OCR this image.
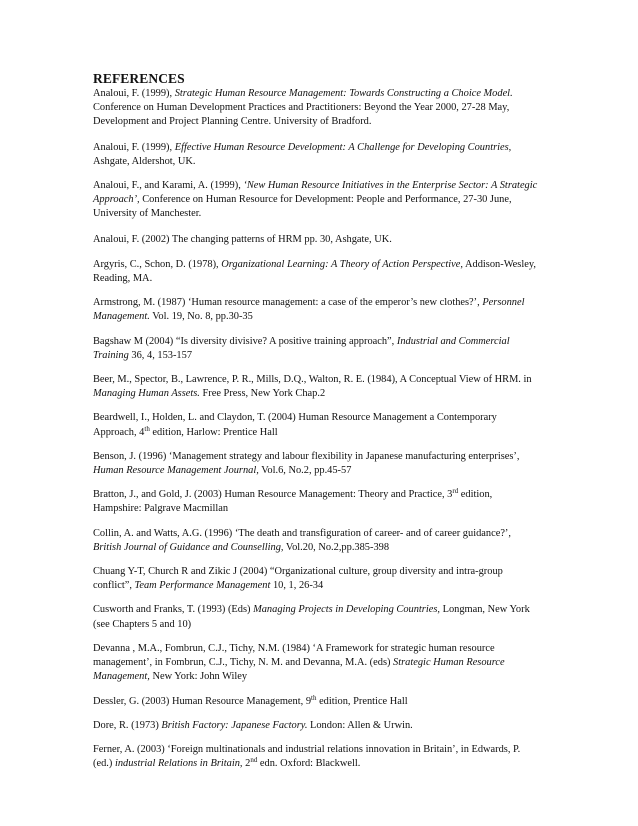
REFERENCES

Analoui, F. (1999), Strategic Human Resource Management: Towards Constructing a Choice Model.

Conference on Human Development Practices and Practitioners: Beyond the Year 2000, 27-28 May,

Development and Project Planning Centre. University of Bradford.

Analoui, F. (1999), Effective Human Resource Development: A Challenge for Developing Countries,

Ashgate, Aldershot, UK.

Analoui, F., and Karami, A. (1999), ‘New Human Resource Initiatives in the Enterprise Sector: A Strategic

Approach’, Conference on Human Resource for Development: People and Performance, 27-30 June,

University of Manchester.

Analoui, F. (2002) The changing patterns of HRM pp. 30, Ashgate, UK.

Argyris, C., Schon, D. (1978), Organizational Learning: A Theory of Action Perspective, Addison-Wesley,

Reading, MA.

Armstrong, M. (1987) ‘Human resource management: a case of the emperor’s new clothes?’, Personnel

Management. Vol. 19, No. 8, pp.30-35

Bagshaw M (2004) “Is diversity divisive? A positive training approach”, Industrial and Commercial

Training 36, 4, 153-157

Beer, M., Spector, B., Lawrence, P. R., Mills, D.Q., Walton, R. E. (1984), A Conceptual View of HRM. in

Managing Human Assets. Free Press, New York Chap.2

Beardwell, I., Holden, L. and Claydon, T. (2004) Human Resource Management a Contemporary

Approach, 4th edition, Harlow: Prentice Hall

Benson, J. (1996) ‘Management strategy and labour flexibility in Japanese manufacturing enterprises’,

Human Resource Management Journal, Vol.6, No.2, pp.45-57

Bratton, J., and Gold, J. (2003) Human Resource Management: Theory and Practice, 3rd edition,

Hampshire: Palgrave Macmillan

Collin, A. and Watts, A.G. (1996) ‘The death and transfiguration of career- and of career guidance?’,

British Journal of Guidance and Counselling, Vol.20, No.2,pp.385-398

Chuang Y-T, Church R and Zikic J (2004) “Organizational culture, group diversity and intra-group

conflict”, Team Performance Management 10, 1, 26-34

Cusworth and Franks, T. (1993) (Eds) Managing Projects in Developing Countries, Longman, New York

(see Chapters 5 and 10)

Devanna , M.A., Fombrun, C.J., Tichy, N.M. (1984) ‘A Framework for strategic human resource

management’, in Fombrun, C.J., Tichy, N. M. and Devanna, M.A. (eds) Strategic Human Resource

Management, New York: John Wiley

Dessler, G. (2003) Human Resource Management, 9th edition, Prentice Hall

Dore, R. (1973) British Factory: Japanese Factory. London: Allen & Urwin.

Ferner, A. (2003) ‘Foreign multinationals and industrial relations innovation in Britain’, in Edwards, P.

(ed.) industrial Relations in Britain, 2nd edn. Oxford: Blackwell.
